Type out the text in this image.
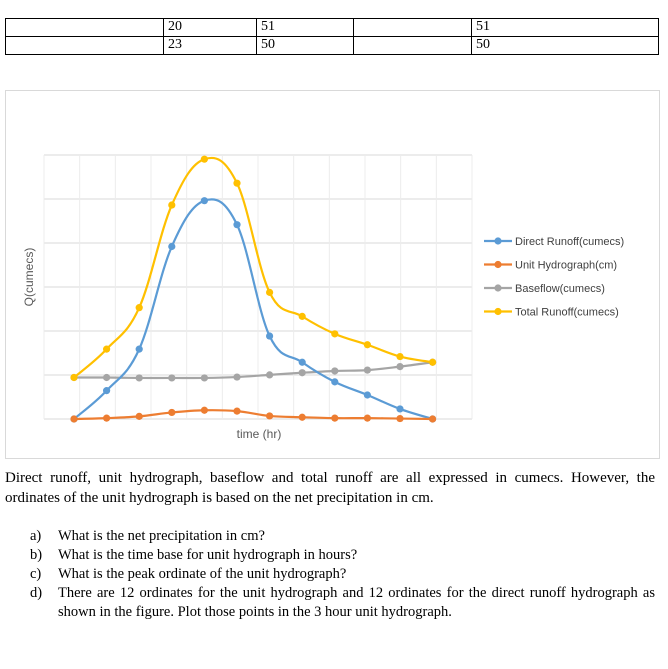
	20	51		51

	23	50		50
time (hr)
Q(cumecs)
Direct Runoff(cumecs)
Unit Hydrograph(cm)
Baseflow(cumecs)
Total Runoff(cumecs)
Direct runoff, unit hydrograph, baseflow and total runoff are all expressed in cumecs. However, the ordinates of the unit hydrograph is based on the net precipitation in cm.
a) What is the net precipitation in cm?
b) What is the time base for unit hydrograph in hours?
c) What is the peak ordinate of the unit hydrograph?
d) There are 12 ordinates for the unit hydrograph and 12 ordinates for the direct runoff hydrograph as shown in the figure. Plot those points in the 3 hour unit hydrograph.
